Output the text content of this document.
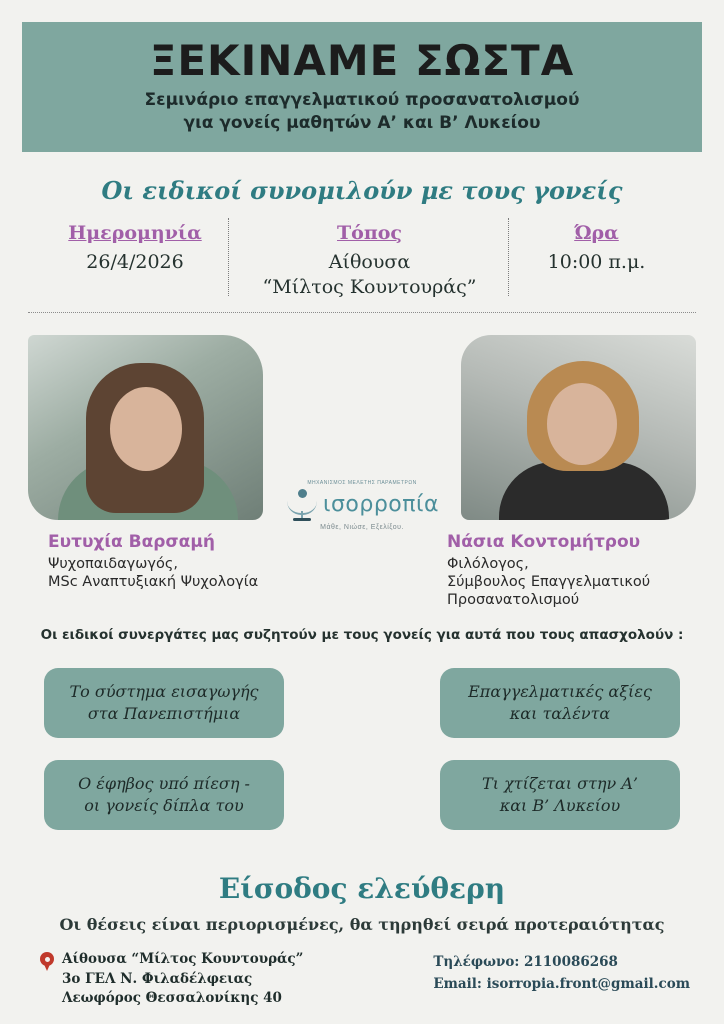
ΞΕΚΙΝΑΜΕ ΣΩΣΤΑ
Σεμινάριο επαγγελματικού προσανατολισμού
για γονείς μαθητών Α’ και Β’ Λυκείου
Οι ειδικοί συνομιλούν με τους γονείς
Ημερομηνία
26/4/2026
Τόπος
Αίθουσα
“Μίλτος Κουντουράς”
Ώρα
10:00 π.μ.
ΜΗΧΑΝΙΣΜΟΣ ΜΕΛΕΤΗΣ ΠΑΡΑΜΕΤΡΩΝ
ισορροπία
Μάθε, Νιώσε, Εξελίξου.
Ευτυχία Βαρσαμή
Ψυχοπαιδαγωγός,
MSc Αναπτυξιακή Ψυχολογία
Νάσια Κοντομήτρου
Φιλόλογος,
Σύμβουλος Επαγγελματικού
Προσανατολισμού
Οι ειδικοί συνεργάτες μας συζητούν με τους γονείς για αυτά που τους απασχολούν :
Το σύστημα εισαγωγής
στα Πανεπιστήμια
Επαγγελματικές αξίες
και ταλέντα
Ο έφηβος υπό πίεση -
οι γονείς δίπλα του
Τι χτίζεται στην Α’
και Β’ Λυκείου
Είσοδος ελεύθερη
Οι θέσεις είναι περιορισμένες, θα τηρηθεί σειρά προτεραιότητας
Αίθουσα “Μίλτος Κουντουράς”
3ο ΓΕΛ Ν. Φιλαδέλφειας
Λεωφόρος Θεσσαλονίκης 40
Τηλέφωνο: 2110086268
Email: isorropia.front@gmail.com
